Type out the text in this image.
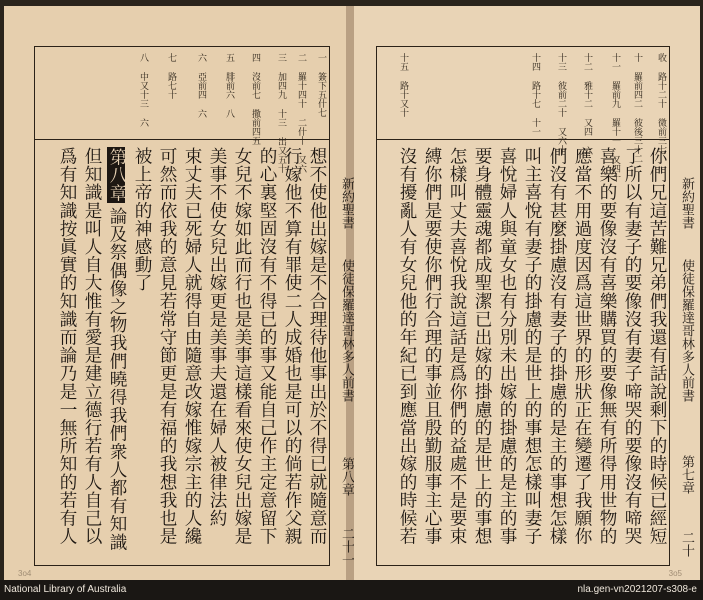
新約聖書
使徒保羅達哥林多人前書
第八章
二十一
一 簽下五什七
二 羅十四十 二什十 又六
三 加四九 十三 出又五十
四 沒前七 撒前四五
五 腓前六 八
六 亞前四 六
七 路七十
八 中又十三 六
想不使他出嫁是不合理待他事出於不得已就隨意而
行嫁他不算有罪使二人成婚也是可以的倘若作父親
的心裏堅固沒有不得已的事又能自己作主定意留下
女兒不嫁如此而行也是美事這樣看來使女兒出嫁是
美事不使女兒出嫁更是美事夫還在婦人被律法約
束丈夫已死婦人就得自由隨意改嫁惟嫁宗主的人纔
可然而依我的意見若常守節更是有福的我想我也是
被上帝的神感動了
第八章
論及祭偶像之物我們曉得我們衆人都有知識
但知識是叫人自大惟有愛是建立德行若有人自己以
爲有知識按眞實的知識而論乃是一無所知的若有人
3o4
新約聖書
使徒保羅達哥林多人前書
第七章
二十
收 路十二十 微前三七
十 羅前四二 彼後三十二
十一 羅前九 羅十一 又四十
十二 雅十二 又四 六
十三 彼前二十 又六十
十四 路十七 十一
十五 路十又十
你們兄這苦難兄弟們我還有話說剩下的時候已經短
了所以有妻子的要像沒有妻子啼哭的要像沒有啼哭
喜樂的要像沒有喜樂購買的要像無有所得用世物的
應當不用過度因爲這世界的形狀正在變遷了我願你
們沒有甚麼掛慮沒有妻子的掛慮的是主的事想怎樣
叫主喜悅有妻子的掛慮的是世上的事想怎樣叫妻子
喜悅婦人與童女也有分別未出嫁的掛慮的是主的事
要身體靈魂都成聖潔已出嫁的掛慮的是世上的事想
怎樣叫丈夫喜悅我說這話是爲你們的益處不是要束
縛你們是要使你們行合理的事並且殷勤服事主心事
沒有擾亂人有女兒他的年紀已到應當出嫁的時候若
3o5
National Library of Australia	nla.gen-vn2021207-s308-e
